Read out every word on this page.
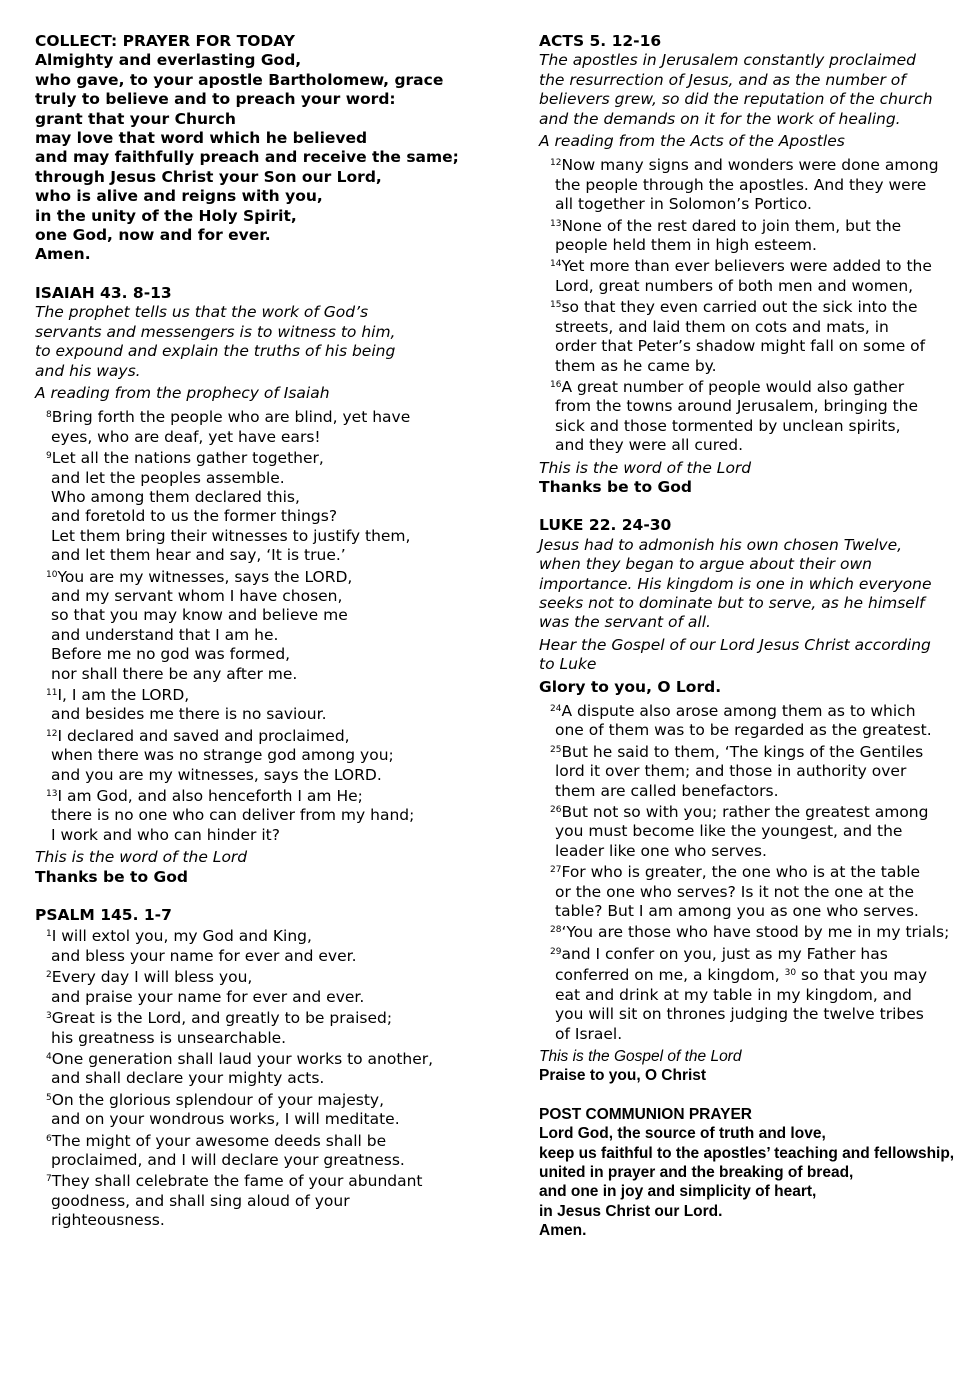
COLLECT: PRAYER FOR TODAY
Almighty and everlasting God,
who gave, to your apostle Bartholomew, grace
truly to believe and to preach your word:
grant that your Church
may love that word which he believed
and may faithfully preach and receive the same;
through Jesus Christ your Son our Lord,
who is alive and reigns with you,
in the unity of the Holy Spirit,
one God, now and for ever.
Amen.
ISAIAH 43. 8-13
The prophet tells us that the work of God’s
servants and messengers is to witness to him,
to expound and explain the truths of his being
and his ways.
A reading from the prophecy of Isaiah
$^8$Bring forth the people who are blind, yet have
eyes, who are deaf, yet have ears!
$^9$Let all the nations gather together,
and let the peoples assemble.
Who among them declared this,
and foretold to us the former things?
Let them bring their witnesses to justify them,
and let them hear and say, ‘It is true.’
$^{10}$You are my witnesses, says the LORD,
and my servant whom I have chosen,
so that you may know and believe me
and understand that I am he.
Before me no god was formed,
nor shall there be any after me.
$^{11}$I, I am the LORD,
and besides me there is no saviour.
$^{12}$I declared and saved and proclaimed,
when there was no strange god among you;
and you are my witnesses, says the LORD.
$^{13}$I am God, and also henceforth I am He;
there is no one who can deliver from my hand;
I work and who can hinder it?
This is the word of the Lord
Thanks be to God
PSALM 145. 1-7
$^1$I will extol you, my God and King,
and bless your name for ever and ever.
$^2$Every day I will bless you,
and praise your name for ever and ever.
$^3$Great is the Lord, and greatly to be praised;
his greatness is unsearchable.
$^4$One generation shall laud your works to another,
and shall declare your mighty acts.
$^5$On the glorious splendour of your majesty,
and on your wondrous works, I will meditate.
$^6$The might of your awesome deeds shall be
proclaimed, and I will declare your greatness.
$^7$They shall celebrate the fame of your abundant
goodness, and shall sing aloud of your
righteousness.
ACTS 5. 12-16
The apostles in Jerusalem constantly proclaimed
the resurrection of Jesus, and as the number of
believers grew, so did the reputation of the church
and the demands on it for the work of healing.
A reading from the Acts of the Apostles
$^{12}$Now many signs and wonders were done among
the people through the apostles. And they were
all together in Solomon’s Portico.
$^{13}$None of the rest dared to join them, but the
people held them in high esteem.
$^{14}$Yet more than ever believers were added to the
Lord, great numbers of both men and women,
$^{15}$so that they even carried out the sick into the
streets, and laid them on cots and mats, in
order that Peter’s shadow might fall on some of
them as he came by.
$^{16}$A great number of people would also gather
from the towns around Jerusalem, bringing the
sick and those tormented by unclean spirits,
and they were all cured.
This is the word of the Lord
Thanks be to God
LUKE 22. 24-30
Jesus had to admonish his own chosen Twelve,
when they began to argue about their own
importance. His kingdom is one in which everyone
seeks not to dominate but to serve, as he himself
was the servant of all.
Hear the Gospel of our Lord Jesus Christ according
to Luke
Glory to you, O Lord.
$^{24}$A dispute also arose among them as to which
one of them was to be regarded as the greatest.
$^{25}$But he said to them, ‘The kings of the Gentiles
lord it over them; and those in authority over
them are called benefactors.
$^{26}$But not so with you; rather the greatest among
you must become like the youngest, and the
leader like one who serves.
$^{27}$For who is greater, the one who is at the table
or the one who serves? Is it not the one at the
table? But I am among you as one who serves.
$^{28}$‘You are those who have stood by me in my trials;
$^{29}$and I confer on you, just as my Father has
conferred on me, a kingdom, $^{30}$ so that you may
eat and drink at my table in my kingdom, and
you will sit on thrones judging the twelve tribes
of Israel.
This is the Gospel of the Lord
Praise to you, O Christ
POST COMMUNION PRAYER
Lord God, the source of truth and love,
keep us faithful to the apostles’ teaching and fellowship,
united in prayer and the breaking of bread,
and one in joy and simplicity of heart,
in Jesus Christ our Lord.
Amen.
